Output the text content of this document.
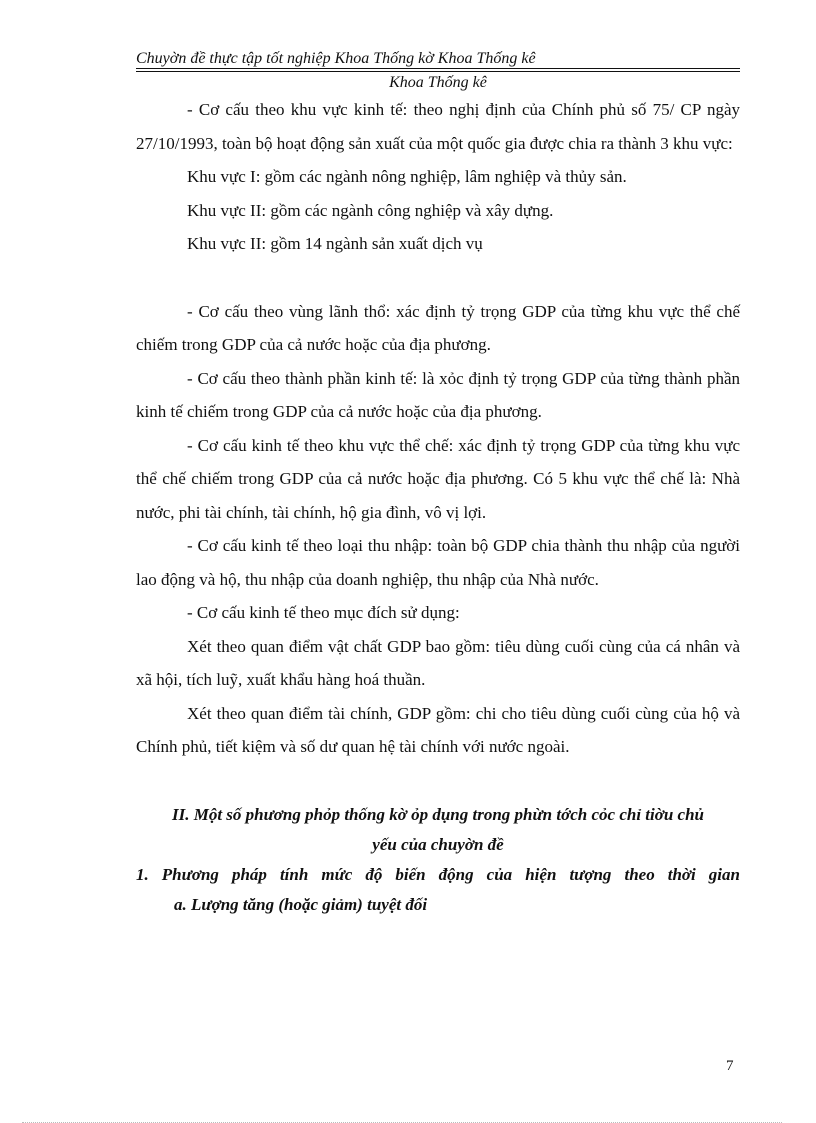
Chuyờn đề thực tập tốt nghiệp Khoa Thống kờ Khoa Thống kê
Khoa Thống kê

- Cơ cấu theo khu vực kinh tế: theo nghị định của Chính phủ số 75/ CP ngày 27/10/1993, toàn bộ hoạt động sản xuất của một quốc gia được chia ra thành 3 khu vực:

Khu vực I: gồm các ngành nông nghiệp, lâm nghiệp và thủy sản.

Khu vực II: gồm các ngành công nghiệp và xây dựng.

Khu vực II: gồm 14 ngành sản xuất dịch vụ

- Cơ cấu theo vùng lãnh thổ: xác định tỷ trọng GDP của từng khu vực thể chế chiếm trong GDP của cả nước hoặc của địa phương.

- Cơ cấu theo thành phần kinh tế: là xỏc định tỷ trọng GDP của từng thành phần kinh tế chiếm trong GDP của cả nước hoặc của địa phương.

- Cơ cấu kinh tế theo khu vực thể chế: xác định tỷ trọng GDP của từng khu vực thể chế chiếm trong GDP của cả nước hoặc địa phương. Có 5 khu vực thể chế là: Nhà nước, phi tài chính, tài chính, hộ gia đình, vô vị lợi.

- Cơ cấu kinh tế theo loại thu nhập: toàn bộ GDP chia thành thu nhập của người lao động và hộ, thu nhập của doanh nghiệp, thu nhập của Nhà nước.

- Cơ cấu kinh tế theo mục đích sử dụng:

Xét theo quan điểm vật chất GDP bao gồm: tiêu dùng cuối cùng của cá nhân và xã hội, tích luỹ, xuất khẩu hàng hoá thuần.

Xét theo quan điểm tài chính, GDP gồm: chi cho tiêu dùng cuối cùng của hộ và Chính phủ, tiết kiệm và số dư quan hệ tài chính với nước ngoài.

II. Một số phương phỏp thống kờ ỏp dụng trong phừn tớch cỏc chỉ tiờu chủ

yếu của chuyờn đề

1. Phương pháp tính mức độ biến động của hiện tượng theo thời gian

a. Lượng tăng (hoặc giảm) tuyệt đối

7
